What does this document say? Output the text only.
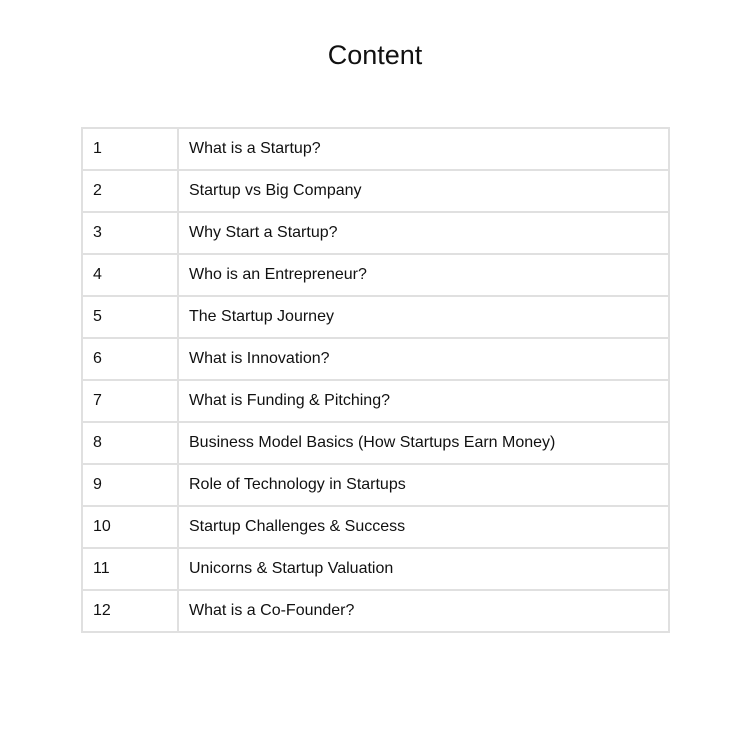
Content
1	What is a Startup?
2	Startup vs Big Company
3	Why Start a Startup?
4	Who is an Entrepreneur?
5	The Startup Journey
6	What is Innovation?
7	What is Funding & Pitching?
8	Business Model Basics (How Startups Earn Money)
9	Role of Technology in Startups
10	Startup Challenges & Success
11	Unicorns & Startup Valuation
12	What is a Co-Founder?
